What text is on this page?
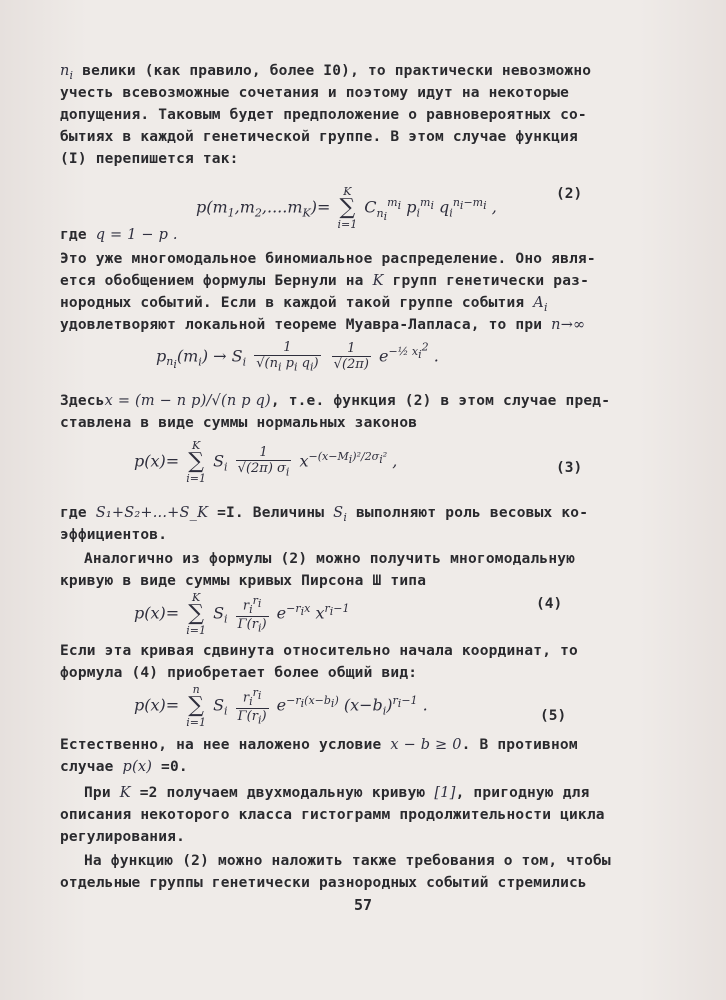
$n_i$ велики (как правило, более I0), то практически невозможно
учесть всевозможные сочетания и поэтому идут на некоторые
допущения. Таковым будет предположение о равновероятных со-
бытиях в каждой генетической группе. В этом случае функция
(I) перепишется так:
$p(m_1,m_2,....m_K)=$
K
∑
i=1
$C_{n_i}^{m_i}$ $p_i^{m_i}$ $q_i^{n_i-m_i}$ ,
(2)
где q = 1 − p .
Это уже многомодальное биномиальное распределение. Оно явля-
ется обобщением формулы Бернули на K групп генетически раз-
нородных событий. Если в каждой такой группе события $A_i$
удовлетворяют локальной теореме Муавра-Лапласа, то при n→∞
$p_{n_i}(m_i) \to S_i \frac{1}{√(n_i p_i q_i)}$
$\frac{1}{√(2\pi)} e^{-\frac{1}{2} x_i^2}$ .
Здесьx = (m − n p)/√(n p q), т.е. функция (2) в этом случае пред-
ставлена в виде суммы нормальных законов
p(x)=
K
∑
i=1
$S_i \frac{1}{√(2\pi) \sigma_i} x^{-(x-M_i)^2/2\sigma_i^2}$ ,	(3)
где S₁+S₂+...+S_K =I. Величины $S_i$ выполняют роль весовых ко-
эффициентов.
Аналогично из формулы (2) можно получить многомодальную
кривую в виде суммы кривых Пирсона Ш типа
p(x)=
K
∑
i=1
$S_i \frac{r_i^{r_i}}{\Gamma(r_i)} e^{-r_ix}$ $x^{r_i-1}$	(4)
Если эта кривая сдвинута относительно начала координат, то
формула (4) приобретает более общий вид:
p(x)=
n
∑
i=1
$S_i \frac{r_i^{r_i}}{\Gamma(r_i)} e^{-r_i(x-b_i)}$ $(x-b_i)^{r_i-1}$ .
(5)
Естественно, на нее наложено условие x − b ≥ 0. В противном
случае p(x) =0.
При K =2 получаем двухмодальную кривую [1], пригодную для
описания некоторого класса гистограмм продолжительности цикла
регулирования.
На функцию (2) можно наложить также требования о том, чтобы
отдельные группы генетически разнородных событий стремились
57
